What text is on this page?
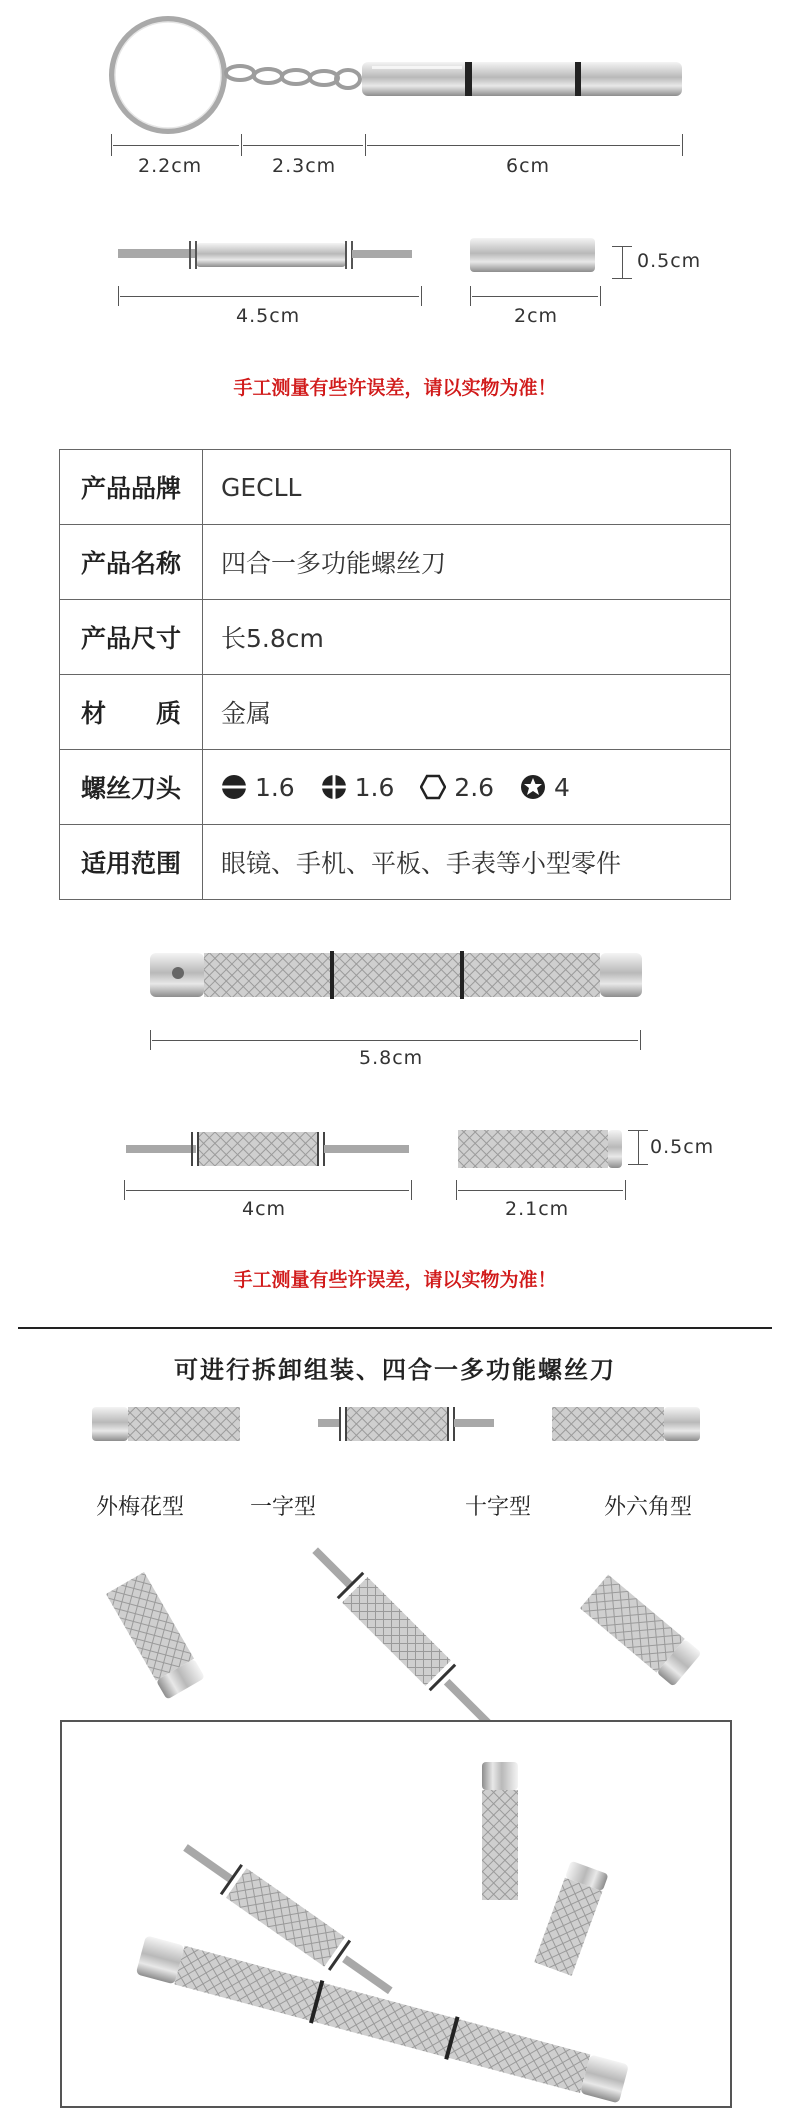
2.2cm	2.3cm	6cm
4.5cm	2cm
0.5cm
手工测量有些许误差，请以实物为准！
产品品牌	GECLL
产品名称	四合一多功能螺丝刀
产品尺寸	长5.8cm
材　　质	金属
螺丝刀头	1.6 1.6 2.6 4
适用范围	眼镜、手机、平板、手表等小型零件
5.8cm
4cm	2.1cm
0.5cm
手工测量有些许误差，请以实物为准！
可进行拆卸组装、四合一多功能螺丝刀
外梅花型	一字型	十字型	外六角型
